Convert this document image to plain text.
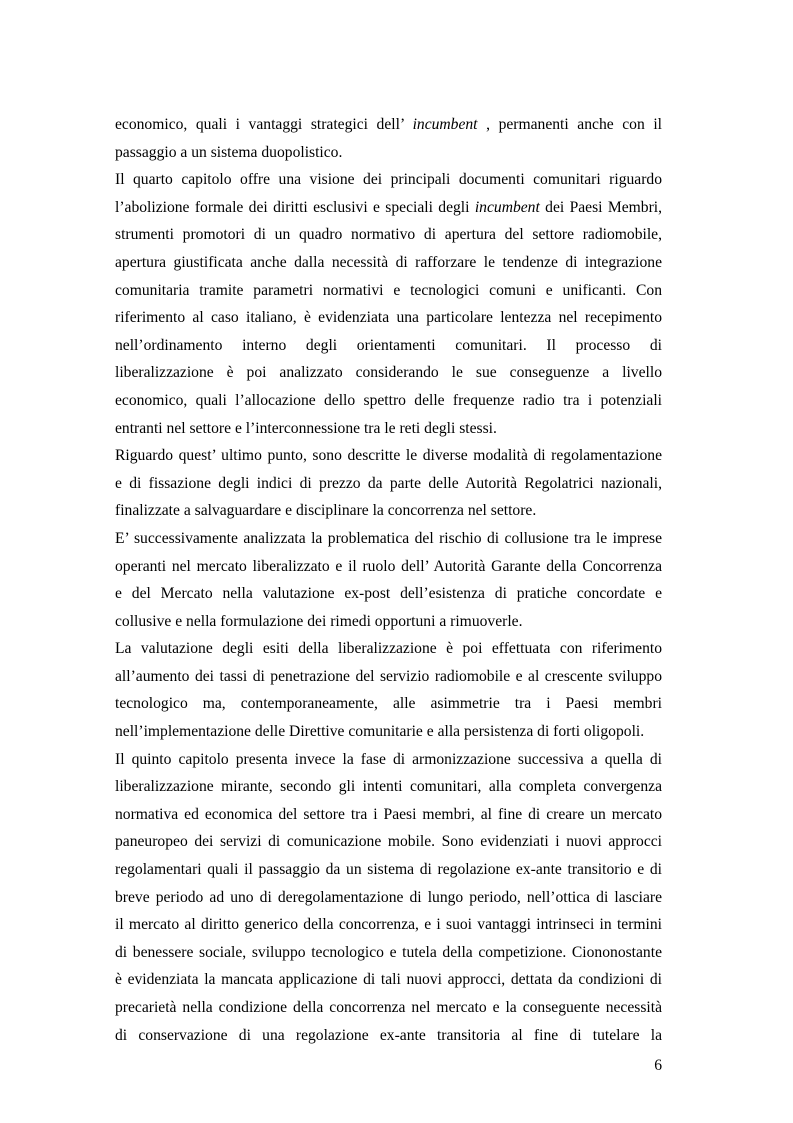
economico, quali i vantaggi strategici dell’ incumbent , permanenti anche con il
passaggio a un sistema duopolistico.
Il quarto capitolo offre una visione dei principali documenti comunitari riguardo
l’abolizione formale dei diritti esclusivi e speciali degli incumbent dei Paesi Membri,
strumenti promotori di un quadro normativo di apertura del settore radiomobile,
apertura giustificata anche dalla necessità di rafforzare le tendenze di integrazione
comunitaria tramite parametri normativi e tecnologici comuni e unificanti. Con
riferimento al caso italiano, è evidenziata una particolare lentezza nel recepimento
nell’ordinamento interno degli orientamenti comunitari. Il processo di
liberalizzazione è poi analizzato considerando le sue conseguenze a livello
economico, quali l’allocazione dello spettro delle frequenze radio tra i potenziali
entranti nel settore e l’interconnessione tra le reti degli stessi.
Riguardo quest’ ultimo punto, sono descritte le diverse modalità di regolamentazione
e di fissazione degli indici di prezzo da parte delle Autorità Regolatrici nazionali,
finalizzate a salvaguardare e disciplinare la concorrenza nel settore.
E’ successivamente analizzata la problematica del rischio di collusione tra le imprese
operanti nel mercato liberalizzato e il ruolo dell’ Autorità Garante della Concorrenza
e del Mercato nella valutazione ex-post dell’esistenza di pratiche concordate e
collusive e nella formulazione dei rimedi opportuni a rimuoverle.
La valutazione degli esiti della liberalizzazione è poi effettuata con riferimento
all’aumento dei tassi di penetrazione del servizio radiomobile e al crescente sviluppo
tecnologico ma, contemporaneamente, alle asimmetrie tra i Paesi membri
nell’implementazione delle Direttive comunitarie e alla persistenza di forti oligopoli.
Il quinto capitolo presenta invece la fase di armonizzazione successiva a quella di
liberalizzazione mirante, secondo gli intenti comunitari, alla completa convergenza
normativa ed economica del settore tra i Paesi membri, al fine di creare un mercato
paneuropeo dei servizi di comunicazione mobile. Sono evidenziati i nuovi approcci
regolamentari quali il passaggio da un sistema di regolazione ex-ante transitorio e di
breve periodo ad uno di deregolamentazione di lungo periodo, nell’ottica di lasciare
il mercato al diritto generico della concorrenza, e i suoi vantaggi intrinseci in termini
di benessere sociale, sviluppo tecnologico e tutela della competizione. Ciononostante
è evidenziata la mancata applicazione di tali nuovi approcci, dettata da condizioni di
precarietà nella condizione della concorrenza nel mercato e la conseguente necessità
di conservazione di una regolazione ex-ante transitoria al fine di tutelare la
6
